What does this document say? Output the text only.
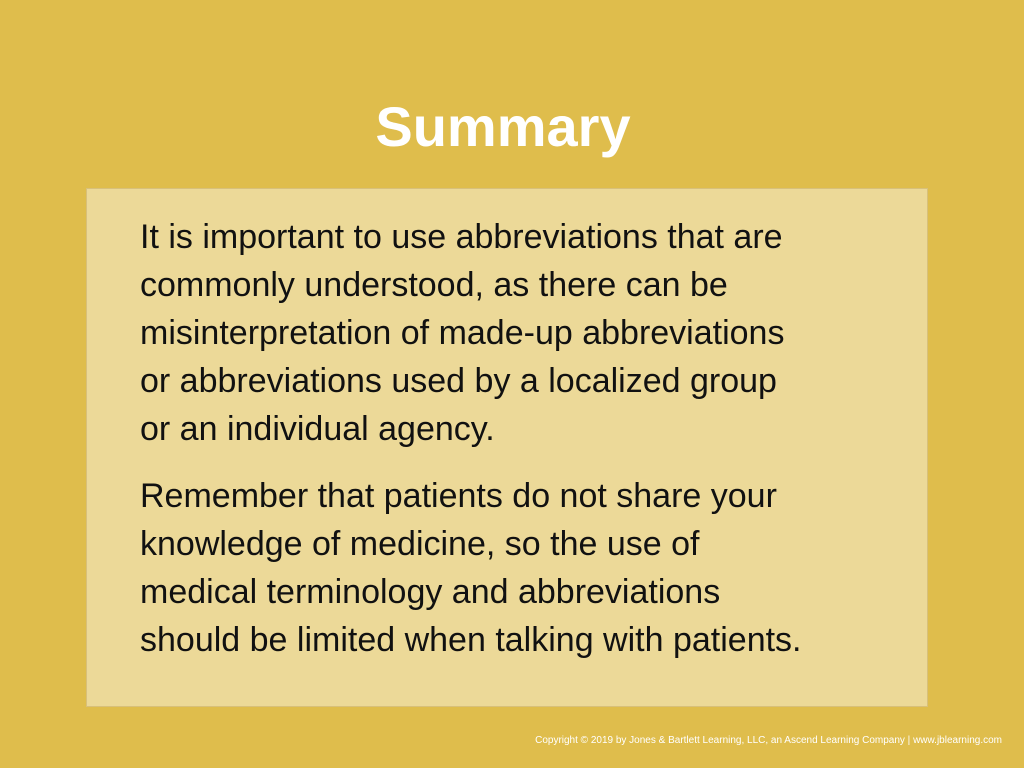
Summary

It is important to use abbreviations that are
commonly understood, as there can be
misinterpretation of made-up abbreviations
or abbreviations used by a localized group
or an individual agency.

Remember that patients do not share your
knowledge of medicine, so the use of
medical terminology and abbreviations
should be limited when talking with patients.

Copyright © 2019 by Jones & Bartlett Learning, LLC, an Ascend Learning Company | www.jblearning.com
